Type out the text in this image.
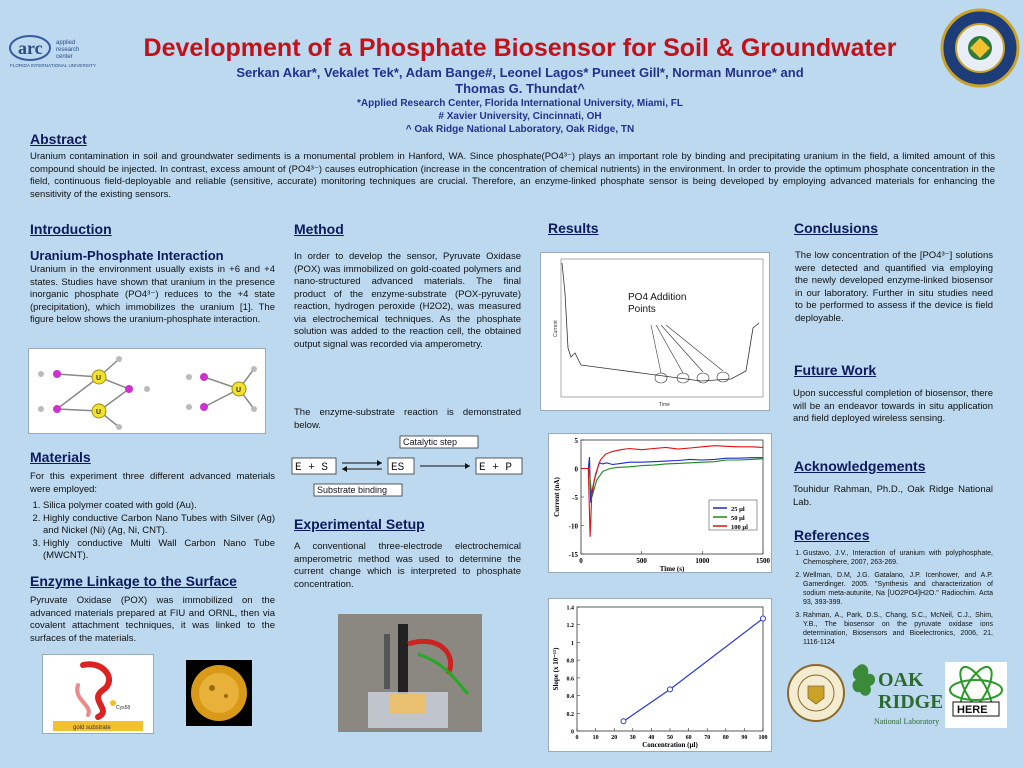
arc applied
research
center
FLORIDA INTERNATIONAL UNIVERSITY
Development of a Phosphate Biosensor for Soil & Groundwater
Serkan Akar*, Vekalet Tek*, Adam Bange#, Leonel Lagos* Puneet Gill*, Norman Munroe* and
Thomas G. Thundat^
*Applied Research Center, Florida International University, Miami, FL
# Xavier University, Cincinnati, OH
^ Oak Ridge National Laboratory, Oak Ridge, TN
Abstract
Uranium contamination in soil and groundwater sediments is a monumental problem in Hanford, WA. Since phosphate(PO4³⁻) plays an important role by binding and precipitating uranium in the field, a limited amount of this compound should be injected. In contrast, excess amount of (PO4³⁻) causes eutrophication (increase in the concentration of chemical nutrients) in the environment. In order to provide the optimum phosphate concentration in the field, continuous field-deployable and reliable (sensitive, accurate) monitoring techniques are crucial. Therefore, an enzyme-linked phosphate sensor is being developed by employing advanced materials for enhancing the sensitivity of the existing sensors.
Introduction
Uranium-Phosphate Interaction
Uranium in the environment usually exists in +6 and +4 states. Studies have shown that uranium in the presence inorganic phosphate (PO4³⁻) reduces to the +4 state (precipitation), which immobilizes the uranium [1]. The figure below shows the uranium-phosphate interaction.
U
U
U
Materials
For this experiment three different advanced materials were employed:
1. Silica polymer coated with gold (Au).
2. Highly conductive Carbon Nano Tubes with Silver (Ag) and Nickel (Ni) (Ag, Ni, CNT).
3. Highly conductive Multi Wall Carbon Nano Tube (MWCNT).
Enzyme Linkage to the Surface
Pyruvate Oxidase (POX) was immobilized on the advanced materials prepared at FIU and ORNL, then via covalent attachment techniques, it was linked to the surfaces of the materials.
Cys58
gold substrate
Method
In order to develop the sensor, Pyruvate Oxidase (POX) was immobilized on gold-coated polymers and nano-structured advanced materials. The final product of the enzyme-substrate (POX-pyruvate) reaction, hydrogen peroxide (H2O2), was measured via electrochemical techniques. As the phosphate solution was added to the reaction cell, the obtained output signal was recorded via amperometry.
The enzyme-substrate reaction is demonstrated below.
Catalytic step
E + S	ES	E + P
Substrate binding
Experimental Setup
A conventional three-electrode electrochemical amperometric method was used to determine the current change which is interpreted to phosphate concentration.
Results
Current
Time
PO4 Addition Points
5
0
-5
-10
-15
0	500	1000	1500
Time (s)
Current (nA)	25 µl
50 µl
100 µl
0
0.2
0.4
0.6
0.8
1
1.2
1.4
0 10 20 30 40 50 60 70 80 90 100
Concentration (µl)
Slope (x 10⁻¹¹)
Conclusions
The low concentration of the [PO4³⁻] solutions were detected and quantified via employing the newly developed enzyme-linked biosensor in our laboratory. Further in situ studies need to be performed to assess if the device is field deployable.
Future Work
Upon successful completion of biosensor, there will be an endeavor towards in situ application and field deployed wireless sensing.
Acknowledgements
Touhidur Rahman, Ph.D., Oak Ridge National Lab.
References
1. Gustavo, J.V., Interaction of uranium with polyphosphate, Chemosphere, 2007, 263-269.
2. Wellman, D.M, J.G. Gatalano, J.P. Icenhower, and A.P. Gamerdinger. 2005. "Synthesis and characterization of sodium meta-autunite, Na [UO2PO4]H2O." Radiochim. Acta 93, 393-399.
3. Rahman, A., Park, D.S., Chang, S.C., McNeil, C.J., Shim, Y.B., The biosensor on the pyruvate oxidase ions determination, Biosensors and Bioelectronics, 2006, 21, 1116-1124
OAK
RIDGE
National Laboratory
HERE
